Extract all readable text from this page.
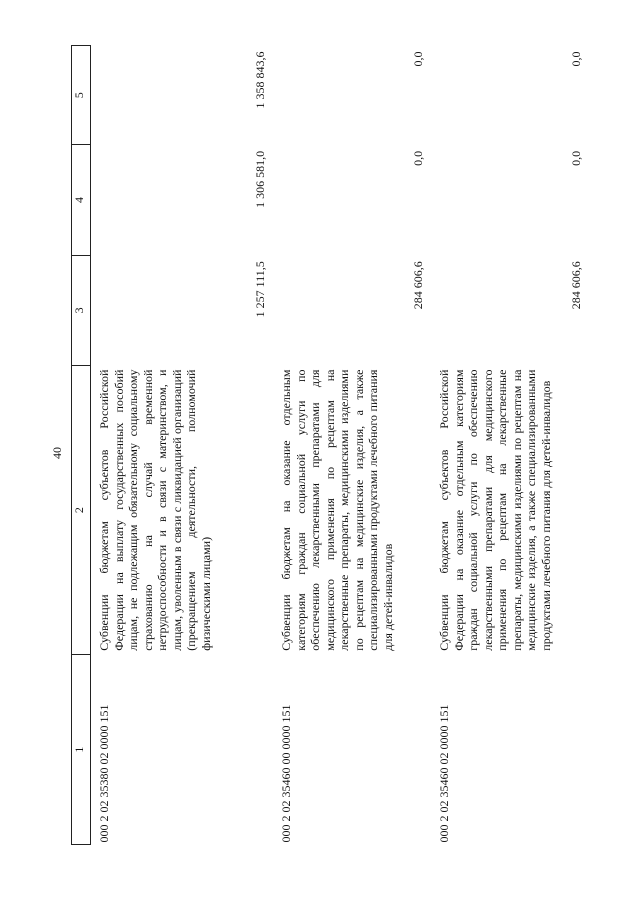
40
1	2	3	4	5
000 2 02 35380 02 0000 151	Субвенции бюджетам субъектов Российской Федерации на выплату государственных пособий лицам, не подлежащим обязательному социальному страхованию на случай временной нетрудоспособности и в связи с материнством, и лицам, уволенным в связи с ликвидацией организаций (прекращением деятельности, полномочий физическими лицами)	1 257 111,5	1 306 581,0	1 358 843,6
000 2 02 35460 00 0000 151	Субвенции бюджетам на оказание отдельным категориям граждан социальной услуги по обеспечению лекарственными препаратами для медицинского применения по рецептам на лекарственные препараты, медицинскими изделиями по рецептам на медицинские изделия, а также специализированными продуктами лечебного питания для детей-инвалидов	284 606,6	0,0	0,0
000 2 02 35460 02 0000 151	Субвенции бюджетам субъектов Российской Федерации на оказание отдельным категориям граждан социальной услуги по обеспечению лекарственными препаратами для медицинского применения по рецептам на лекарственные препараты, медицинскими изделиями по рецептам на медицинские изделия, а также специализированными продуктами лечебного питания для детей-инвалидов	284 606,6	0,0	0,0
